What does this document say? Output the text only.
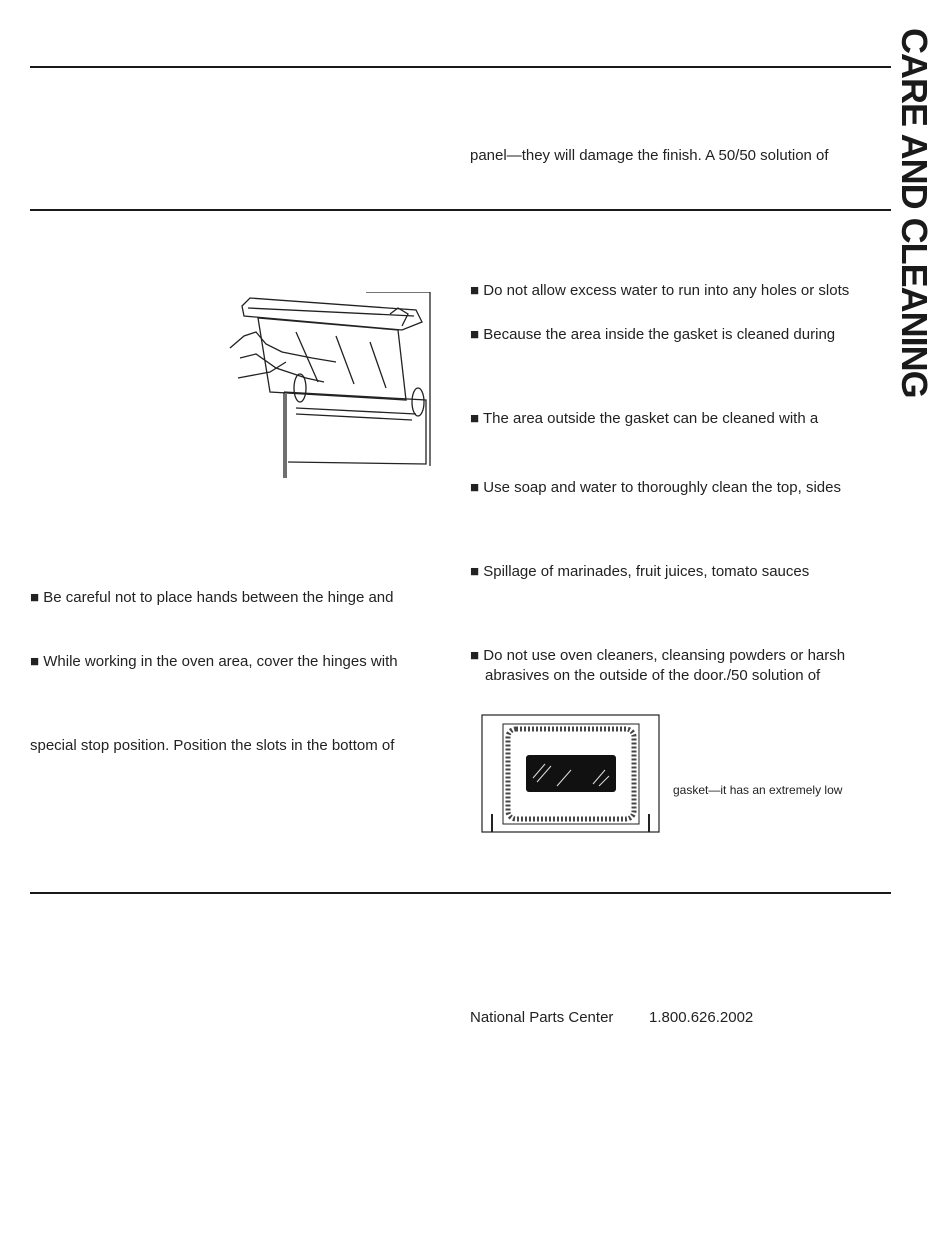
CARE AND CLEANING
panel—they will damage the finish. A 50/50 solution of
■ Be careful not to place hands between the hinge and
■ While working in the oven area, cover the hinges with
special stop position. Position the slots in the bottom of
■ Do not allow excess water to run into any holes or slots
■ Because the area inside the gasket is cleaned during
■ The area outside the gasket can be cleaned with a
■ Use soap and water to thoroughly clean the top, sides
■ Spillage of marinades, fruit juices, tomato sauces
■ Do not use oven cleaners, cleansing powders or harsh
abrasives on the outside of the door./50 solution of
gasket—it has an extremely low
National Parts Center 1.800.626.2002
